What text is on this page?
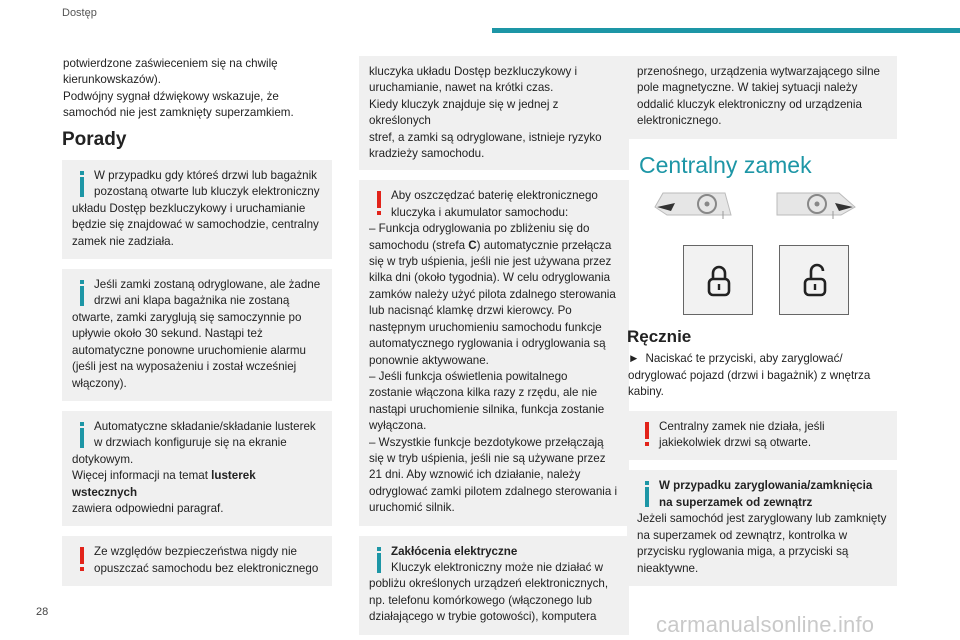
Dostęp

potwierdzone zaświeceniem się na chwilę

kierunkowskazów).

Podwójny sygnał dźwiękowy wskazuje, że

samochód nie jest zamknięty superzamkiem.

Porady
W przypadku gdy któreś drzwi lub bagażnik
pozostaną otwarte lub kluczyk elektroniczny
układu Dostęp bezkluczykowy i uruchamianie będzie się znajdować w samochodzie, centralny zamek nie zadziała.
Jeśli zamki zostaną odryglowane, ale żadne
drzwi ani klapa bagażnika nie zostaną
otwarte, zamki zaryglują się samoczynnie po upływie około 30 sekund. Nastąpi też automatyczne ponowne uruchomienie alarmu (jeśli jest na wyposażeniu i został wcześniej włączony).
Automatyczne składanie/składanie lusterek
w drzwiach konfiguruje się na ekranie
dotykowym.
Więcej informacji na temat lusterek wstecznych
zawiera odpowiedni paragraf.
Ze względów bezpieczeństwa nigdy nie
opuszczać samochodu bez elektronicznego
kluczyka układu Dostęp bezkluczykowy i
uruchamianie, nawet na krótki czas.
Kiedy kluczyk znajduje się w jednej z określonych
stref, a zamki są odryglowane, istnieje ryzyko
kradzieży samochodu.
Aby oszczędzać baterię elektronicznego
kluczyka i akumulator samochodu:
– Funkcja odryglowania po zbliżeniu się do
samochodu (strefa C) automatycznie przełącza
się w tryb uśpienia, jeśli nie jest używana przez
kilka dni (około tygodnia). W celu odryglowania
zamków należy użyć pilota zdalnego sterowania
lub nacisnąć klamkę drzwi kierowcy. Po
następnym uruchomieniu samochodu funkcje
automatycznego ryglowania i odryglowania są
ponownie aktywowane.
– Jeśli funkcja oświetlenia powitalnego
zostanie włączona kilka razy z rzędu, ale nie
nastąpi uruchomienie silnika, funkcja zostanie
wyłączona.
– Wszystkie funkcje bezdotykowe przełączają
się w tryb uśpienia, jeśli nie są używane przez
21 dni. Aby wznowić ich działanie, należy
odryglować zamki pilotem zdalnego sterowania i
uruchomić silnik.
Zakłócenia elektryczne
Kluczyk elektroniczny może nie działać w
pobliżu określonych urządzeń elektronicznych,
np. telefonu komórkowego (włączonego lub
działającego w trybie gotowości), komputera
przenośnego, urządzenia wytwarzającego silne
pole magnetyczne. W takiej sytuacji należy
oddalić kluczyk elektroniczny od urządzenia
elektronicznego.
Centralny zamek
Ręcznie

► Naciskać te przyciski, aby zaryglować/

odryglować pojazd (drzwi i bagażnik) z wnętrza

kabiny.

Centralny zamek nie działa, jeśli
jakiekolwiek drzwi są otwarte.
W przypadku zaryglowania/zamknięcia
na superzamek od zewnątrz
Jeżeli samochód jest zaryglowany lub zamknięty
na superzamek od zewnątrz, kontrolka w
przycisku ryglowania miga, a przyciski są
nieaktywne.
28	carmanualsonline.info
